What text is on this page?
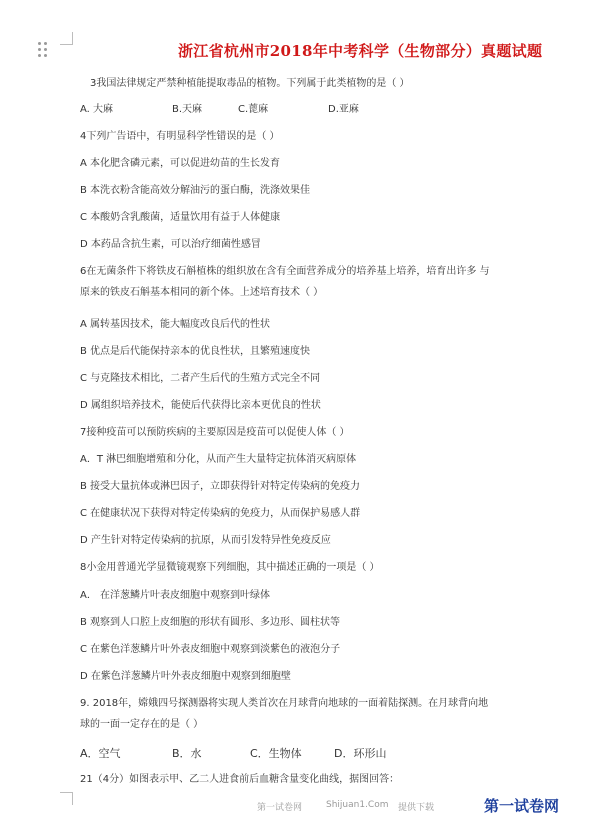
浙江省杭州市2018年中考科学（生物部分）真题试题
3我国法律规定严禁种植能提取毒品的植物。下列属于此类植物的是（ ）
A. 大麻	B.天麻	C.蓖麻	D.亚麻
4下列广告语中，有明显科学性错误的是（ ）
A 本化肥含磷元素，可以促进幼苗的生长发育
B 本洗衣粉含能高效分解油污的蛋白酶，洗涤效果佳
C 本酸奶含乳酸菌，适量饮用有益于人体健康
D 本药品含抗生素，可以治疗细菌性感冒
6在无菌条件下将铁皮石斛植株的组织放在含有全面营养成分的培养基上培养，培育出许多 与
原来的铁皮石斛基本相同的新个体。上述培育技术（ ）
A 属转基因技术，能大幅度改良后代的性状
B 优点是后代能保持亲本的优良性状，且繁殖速度快
C 与克隆技术相比，二者产生后代的生殖方式完全不同
D 属组织培养技术，能使后代获得比亲本更优良的性状
7接种疫苗可以预防疾病的主要原因是疫苗可以促使人体（ ）
A．T 淋巴细胞增殖和分化，从而产生大量特定抗体消灭病原体
B 接受大量抗体或淋巴因子，立即获得针对特定传染病的免疫力
C 在健康状况下获得对特定传染病的免疫力，从而保护易感人群
D 产生针对特定传染病的抗原，从而引发特异性免疫反应
8小金用普通光学显微镜观察下列细胞，其中描述正确的一项是（ ）
A． 在洋葱鳞片叶表皮细胞中观察到叶绿体
B 观察到人口腔上皮细胞的形状有圆形、多边形、圆柱状等
C 在紫色洋葱鳞片叶外表皮细胞中观察到淡紫色的液泡分子
D 在紫色洋葱鳞片叶外表皮细胞中观察到细胞壁
9. 2018年，嫦娥四号探测器将实现人类首次在月球背向地球的一面着陆探测。在月球背向地
球的一面一定存在的是（ ）
A．空气	B．水	C．生物体	D．环形山
21（4分）如图表示甲、乙二人进食前后血糖含量变化曲线，据图回答：
第一试卷网	Shijuan1.Com 提供下载	第一试卷网
